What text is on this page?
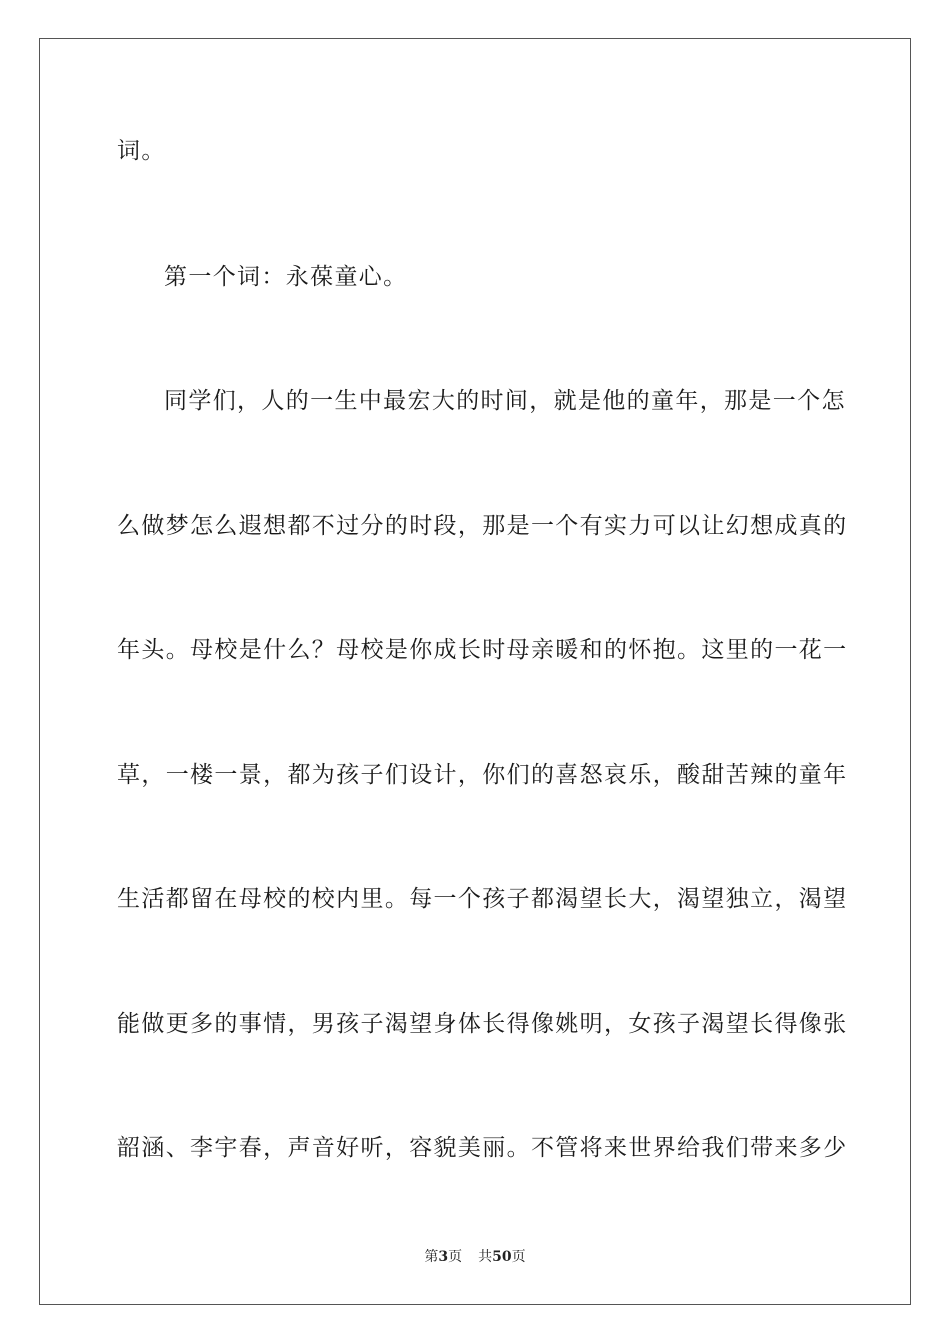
词。
第一个词：永葆童心。
同学们，人的一生中最宏大的时间，就是他的童年，那是一个怎
么做梦怎么遐想都不过分的时段，那是一个有实力可以让幻想成真的
年头。母校是什么？母校是你成长时母亲暖和的怀抱。这里的一花一
草，一楼一景，都为孩子们设计，你们的喜怒哀乐，酸甜苦辣的童年
生活都留在母校的校内里。每一个孩子都渴望长大，渴望独立，渴望
能做更多的事情，男孩子渴望身体长得像姚明，女孩子渴望长得像张
韶涵、李宇春，声音好听，容貌美丽。不管将来世界给我们带来多少
第3页 共50页
